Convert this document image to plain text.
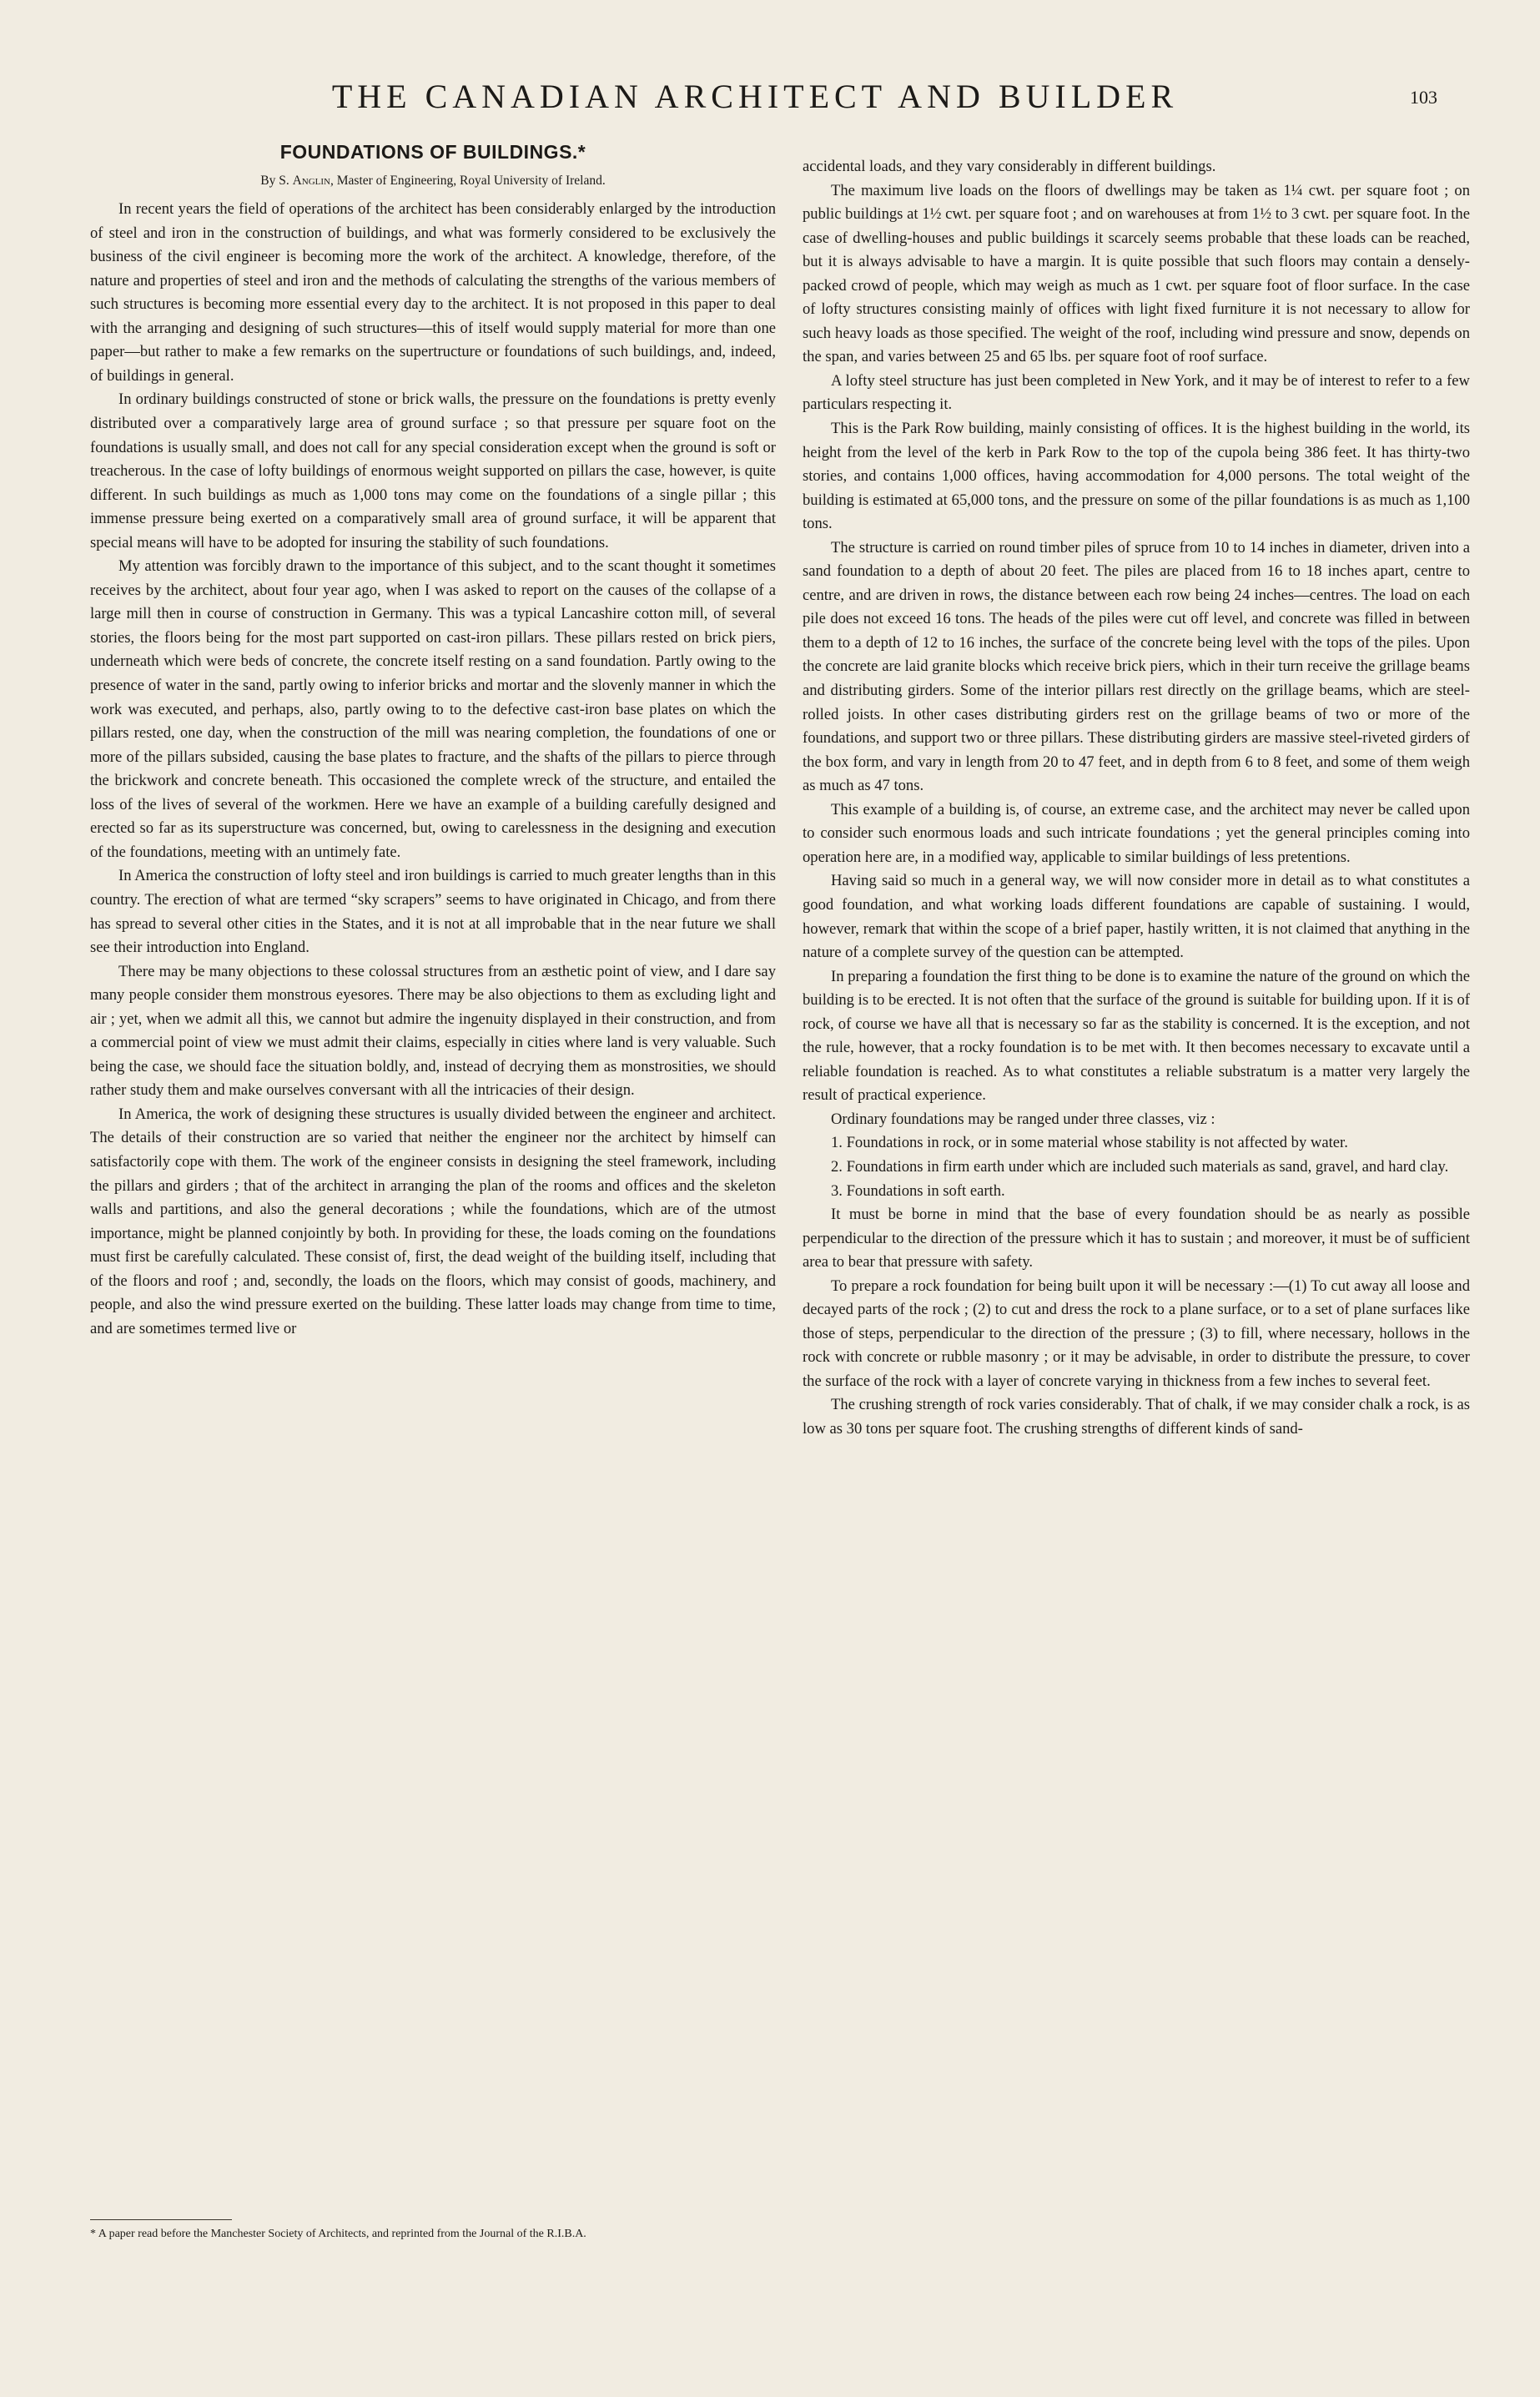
THE CANADIAN ARCHITECT AND BUILDER	103
FOUNDATIONS OF BUILDINGS.*
By S. Anglin, Master of Engineering, Royal University of Ireland.

In recent years the field of operations of the architect has been considerably enlarged by the introduction of steel and iron in the construction of buildings, and what was formerly considered to be exclusively the business of the civil engineer is becoming more the work of the architect. A knowledge, therefore, of the nature and properties of steel and iron and the methods of calculating the strengths of the various members of such structures is becoming more essential every day to the architect. It is not proposed in this paper to deal with the arranging and designing of such structures—this of itself would supply material for more than one paper—but rather to make a few remarks on the supertructure or foundations of such buildings, and, indeed, of buildings in general.

In ordinary buildings constructed of stone or brick walls, the pressure on the foundations is pretty evenly distributed over a comparatively large area of ground surface ; so that pressure per square foot on the foundations is usually small, and does not call for any special consideration except when the ground is soft or treacherous. In the case of lofty buildings of enormous weight supported on pillars the case, however, is quite different. In such buildings as much as 1,000 tons may come on the foundations of a single pillar ; this immense pressure being exerted on a comparatively small area of ground surface, it will be apparent that special means will have to be adopted for insuring the stability of such foundations.

My attention was forcibly drawn to the importance of this subject, and to the scant thought it sometimes receives by the architect, about four year ago, when I was asked to report on the causes of the collapse of a large mill then in course of construction in Germany. This was a typical Lancashire cotton mill, of several stories, the floors being for the most part supported on cast-iron pillars. These pillars rested on brick piers, underneath which were beds of concrete, the concrete itself resting on a sand foundation. Partly owing to the presence of water in the sand, partly owing to inferior bricks and mortar and the slovenly manner in which the work was executed, and perhaps, also, partly owing to to the defective cast-iron base plates on which the pillars rested, one day, when the construction of the mill was nearing completion, the foundations of one or more of the pillars subsided, causing the base plates to fracture, and the shafts of the pillars to pierce through the brickwork and concrete beneath. This occasioned the complete wreck of the structure, and entailed the loss of the lives of several of the workmen. Here we have an example of a building carefully designed and erected so far as its superstructure was concerned, but, owing to carelessness in the designing and execution of the foundations, meeting with an untimely fate.

In America the construction of lofty steel and iron buildings is carried to much greater lengths than in this country. The erection of what are termed “sky scrapers” seems to have originated in Chicago, and from there has spread to several other cities in the States, and it is not at all improbable that in the near future we shall see their introduction into England.

There may be many objections to these colossal structures from an æsthetic point of view, and I dare say many people consider them monstrous eyesores. There may be also objections to them as excluding light and air ; yet, when we admit all this, we cannot but admire the ingenuity displayed in their construction, and from a commercial point of view we must admit their claims, especially in cities where land is very valuable. Such being the case, we should face the situation boldly, and, instead of decrying them as monstrosities, we should rather study them and make ourselves conversant with all the intricacies of their design.

In America, the work of designing these structures is usually divided between the engineer and architect. The details of their construction are so varied that neither the engineer nor the architect by himself can satisfactorily cope with them. The work of the engineer consists in designing the steel framework, including the pillars and girders ; that of the architect in arranging the plan of the rooms and offices and the skeleton walls and partitions, and also the general decorations ; while the foundations, which are of the utmost importance, might be planned conjointly by both. In providing for these, the loads coming on the foundations must first be carefully calculated. These consist of, first, the dead weight of the building itself, including that of the floors and roof ; and, secondly, the loads on the floors, which may consist of goods, machinery, and people, and also the wind pressure exerted on the building. These latter loads may change from time to time, and are sometimes termed live or

* A paper read before the Manchester Society of Architects, and reprinted from the Journal of the R.I.B.A.

accidental loads, and they vary considerably in different buildings.

The maximum live loads on the floors of dwellings may be taken as 1¼ cwt. per square foot ; on public buildings at 1½ cwt. per square foot ; and on warehouses at from 1½ to 3 cwt. per square foot. In the case of dwelling-houses and public buildings it scarcely seems probable that these loads can be reached, but it is always advisable to have a margin. It is quite possible that such floors may contain a densely-packed crowd of people, which may weigh as much as 1 cwt. per square foot of floor surface. In the case of lofty structures consisting mainly of offices with light fixed furniture it is not necessary to allow for such heavy loads as those specified. The weight of the roof, including wind pressure and snow, depends on the span, and varies between 25 and 65 lbs. per square foot of roof surface.

A lofty steel structure has just been completed in New York, and it may be of interest to refer to a few particulars respecting it.

This is the Park Row building, mainly consisting of offices. It is the highest building in the world, its height from the level of the kerb in Park Row to the top of the cupola being 386 feet. It has thirty-two stories, and contains 1,000 offices, having accommodation for 4,000 persons. The total weight of the building is estimated at 65,000 tons, and the pressure on some of the pillar foundations is as much as 1,100 tons.

The structure is carried on round timber piles of spruce from 10 to 14 inches in diameter, driven into a sand foundation to a depth of about 20 feet. The piles are placed from 16 to 18 inches apart, centre to centre, and are driven in rows, the distance between each row being 24 inches—centres. The load on each pile does not exceed 16 tons. The heads of the piles were cut off level, and concrete was filled in between them to a depth of 12 to 16 inches, the surface of the concrete being level with the tops of the piles. Upon the concrete are laid granite blocks which receive brick piers, which in their turn receive the grillage beams and distributing girders. Some of the interior pillars rest directly on the grillage beams, which are steel-rolled joists. In other cases distributing girders rest on the grillage beams of two or more of the foundations, and support two or three pillars. These distributing girders are massive steel-riveted girders of the box form, and vary in length from 20 to 47 feet, and in depth from 6 to 8 feet, and some of them weigh as much as 47 tons.

This example of a building is, of course, an extreme case, and the architect may never be called upon to consider such enormous loads and such intricate foundations ; yet the general principles coming into operation here are, in a modified way, applicable to similar buildings of less pretentions.

Having said so much in a general way, we will now consider more in detail as to what constitutes a good foundation, and what working loads different foundations are capable of sustaining. I would, however, remark that within the scope of a brief paper, hastily written, it is not claimed that anything in the nature of a complete survey of the question can be attempted.

In preparing a foundation the first thing to be done is to examine the nature of the ground on which the building is to be erected. It is not often that the surface of the ground is suitable for building upon. If it is of rock, of course we have all that is necessary so far as the stability is concerned. It is the exception, and not the rule, however, that a rocky foundation is to be met with. It then becomes necessary to excavate until a reliable foundation is reached. As to what constitutes a reliable substratum is a matter very largely the result of practical experience.

Ordinary foundations may be ranged under three classes, viz :

1. Foundations in rock, or in some material whose stability is not affected by water.

2. Foundations in firm earth under which are included such materials as sand, gravel, and hard clay.

3. Foundations in soft earth.

It must be borne in mind that the base of every foundation should be as nearly as possible perpendicular to the direction of the pressure which it has to sustain ; and moreover, it must be of sufficient area to bear that pressure with safety.

To prepare a rock foundation for being built upon it will be necessary :—(1) To cut away all loose and decayed parts of the rock ; (2) to cut and dress the rock to a plane surface, or to a set of plane surfaces like those of steps, perpendicular to the direction of the pressure ; (3) to fill, where necessary, hollows in the rock with concrete or rubble masonry ; or it may be advisable, in order to distribute the pressure, to cover the surface of the rock with a layer of concrete varying in thickness from a few inches to several feet.

The crushing strength of rock varies considerably. That of chalk, if we may consider chalk a rock, is as low as 30 tons per square foot. The crushing strengths of different kinds of sand-
